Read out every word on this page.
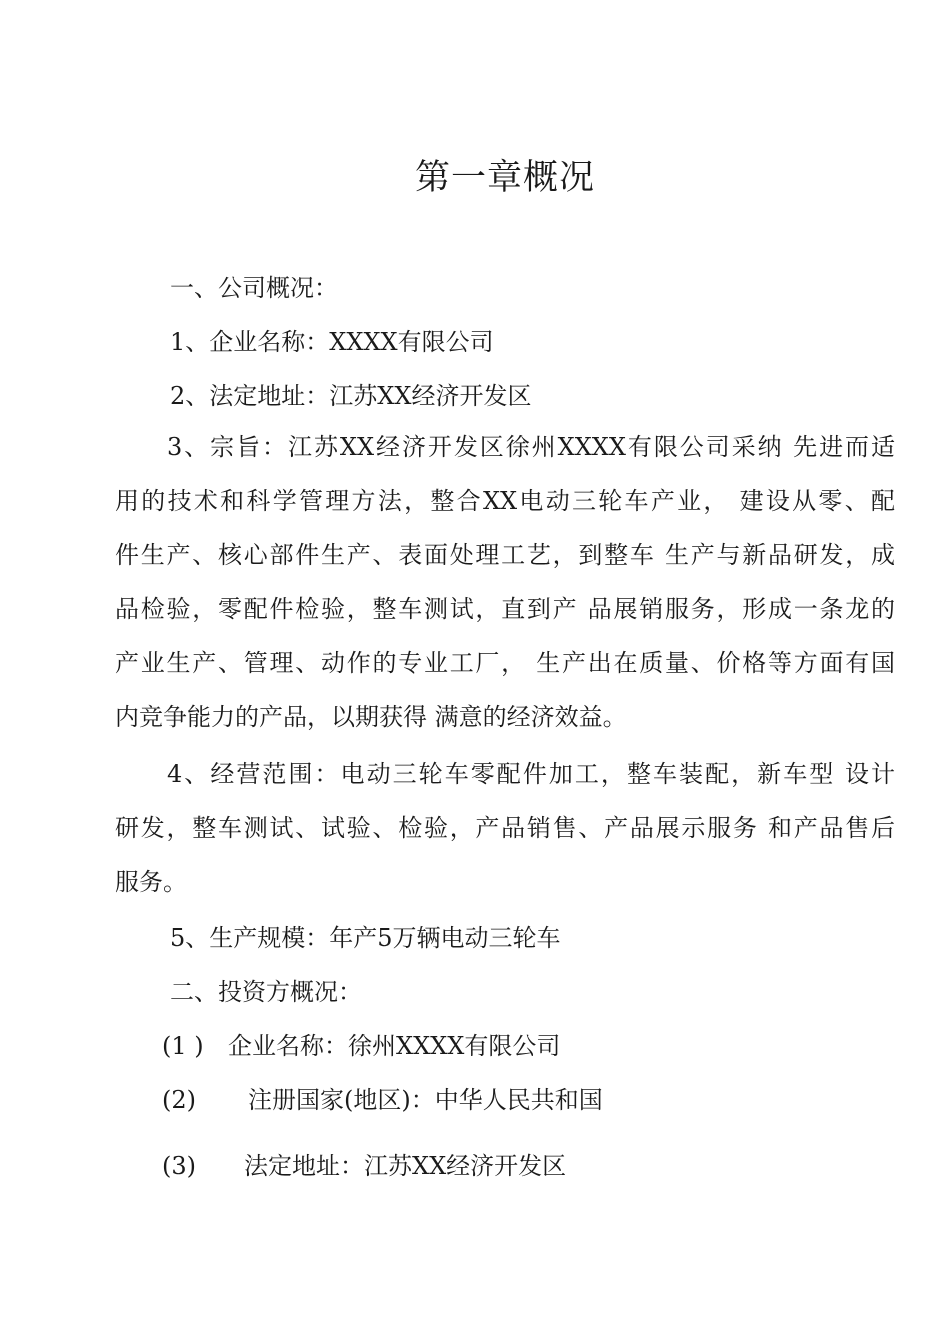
第一章概况
一、公司概况：
1、企业名称：XXXX有限公司
2、法定地址：江苏XX经济开发区
3、宗旨：江苏XX经济开发区徐州XXXX有限公司采纳 先进而适
用的技术和科学管理方法，整合XX电动三轮车产业， 建设从零、配
件生产、核心部件生产、表面处理工艺，到整车 生产与新品研发，成
品检验，零配件检验，整车测试，直到产 品展销服务，形成一条龙的
产业生产、管理、动作的专业工厂， 生产出在质量、价格等方面有国
内竞争能力的产品，以期获得 满意的经济效益。
4、经营范围：电动三轮车零配件加工，整车装配，新车型 设计
研发，整车测试、试验、检验，产品销售、产品展示服务 和产品售后
服务。
5、生产规模：年产5万辆电动三轮车
二、投资方概况：
(1 ) 企业名称：徐州XXXX有限公司
(2) 注册国家(地区)：中华人民共和国
(3) 法定地址：江苏XX经济开发区
